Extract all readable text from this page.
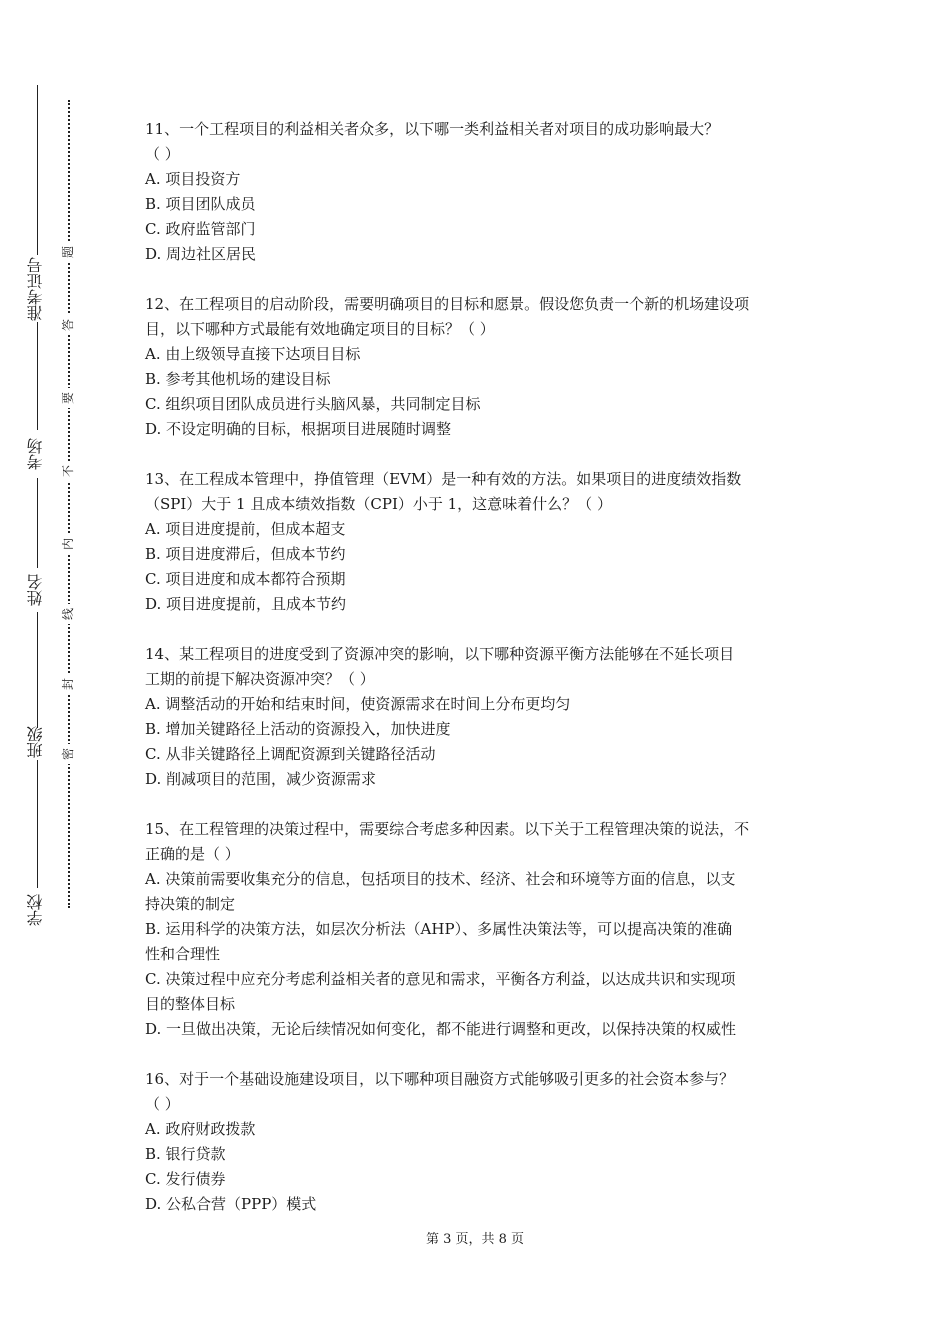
准考证号
考场
姓名
班级
学校
题
答
要
不
内
线
封
密
11、一个工程项目的利益相关者众多，以下哪一类利益相关者对项目的成功影响最大？
（ ）
A. 项目投资方
B. 项目团队成员
C. 政府监管部门
D. 周边社区居民
12、在工程项目的启动阶段，需要明确项目的目标和愿景。假设您负责一个新的机场建设项
目，以下哪种方式最能有效地确定项目的目标？（ ）
A. 由上级领导直接下达项目目标
B. 参考其他机场的建设目标
C. 组织项目团队成员进行头脑风暴，共同制定目标
D. 不设定明确的目标，根据项目进展随时调整
13、在工程成本管理中，挣值管理（EVM）是一种有效的方法。如果项目的进度绩效指数
（SPI）大于 1 且成本绩效指数（CPI）小于 1，这意味着什么？（ ）
A. 项目进度提前，但成本超支
B. 项目进度滞后，但成本节约
C. 项目进度和成本都符合预期
D. 项目进度提前，且成本节约
14、某工程项目的进度受到了资源冲突的影响，以下哪种资源平衡方法能够在不延长项目
工期的前提下解决资源冲突？（ ）
A. 调整活动的开始和结束时间，使资源需求在时间上分布更均匀
B. 增加关键路径上活动的资源投入，加快进度
C. 从非关键路径上调配资源到关键路径活动
D. 削减项目的范围，减少资源需求
15、在工程管理的决策过程中，需要综合考虑多种因素。以下关于工程管理决策的说法，不
正确的是（ ）
A. 决策前需要收集充分的信息，包括项目的技术、经济、社会和环境等方面的信息，以支
持决策的制定
B. 运用科学的决策方法，如层次分析法（AHP）、多属性决策法等，可以提高决策的准确
性和合理性
C. 决策过程中应充分考虑利益相关者的意见和需求，平衡各方利益，以达成共识和实现项
目的整体目标
D. 一旦做出决策，无论后续情况如何变化，都不能进行调整和更改，以保持决策的权威性
16、对于一个基础设施建设项目，以下哪种项目融资方式能够吸引更多的社会资本参与？
（ ）
A. 政府财政拨款
B. 银行贷款
C. 发行债券
D. 公私合营（PPP）模式
第 3 页，共 8 页
